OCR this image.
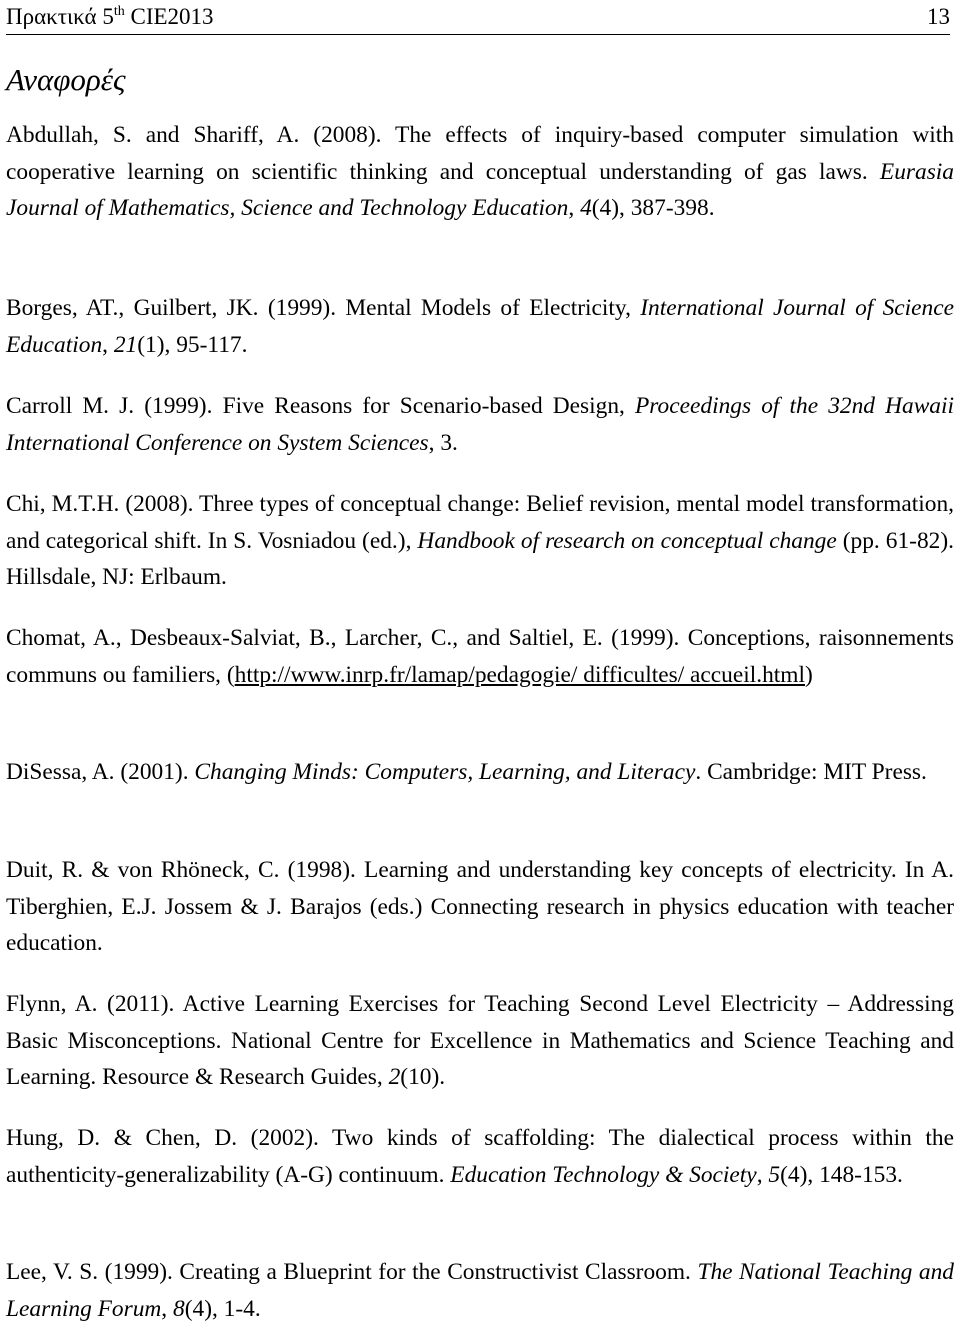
Πρακτικά 5th CIE2013	13
Αναφορές

Abdullah, S. and Shariff, A. (2008). The effects of inquiry-based computer simulation with cooperative learning on scientific thinking and conceptual understanding of gas laws. Eurasia Journal of Mathematics, Science and Technology Education, 4(4), 387-398.

Borges, AT., Guilbert, JK. (1999). Mental Models of Electricity, International Journal of Science Education, 21(1), 95-117.

Carroll M. J. (1999). Five Reasons for Scenario-based Design, Proceedings of the 32nd Hawaii International Conference on System Sciences, 3.

Chi, M.T.H. (2008). Three types of conceptual change: Belief revision, mental model transformation, and categorical shift. In S. Vosniadou (ed.), Handbook of research on conceptual change (pp. 61-82). Hillsdale, NJ: Erlbaum.

Chomat, A., Desbeaux-Salviat, B., Larcher, C., and Saltiel, E. (1999). Conceptions, raisonnements communs ou familiers, (http://www.inrp.fr/lamap/pedagogie/ difficultes/ accueil.html)

DiSessa, A. (2001). Changing Minds: Computers, Learning, and Literacy. Cambridge: MIT Press.

Duit, R. & von Rhöneck, C. (1998). Learning and understanding key concepts of electricity. In A. Tiberghien, E.J. Jossem & J. Barajos (eds.) Connecting research in physics education with teacher education.

Flynn, A. (2011). Active Learning Exercises for Teaching Second Level Electricity – Addressing Basic Misconceptions. National Centre for Excellence in Mathematics and Science Teaching and Learning. Resource & Research Guides, 2(10).

Hung, D. & Chen, D. (2002). Two kinds of scaffolding: The dialectical process within the authenticity-generalizability (A-G) continuum. Education Technology & Society, 5(4), 148-153.

Lee, V. S. (1999). Creating a Blueprint for the Constructivist Classroom. The National Teaching and Learning Forum, 8(4), 1-4.
